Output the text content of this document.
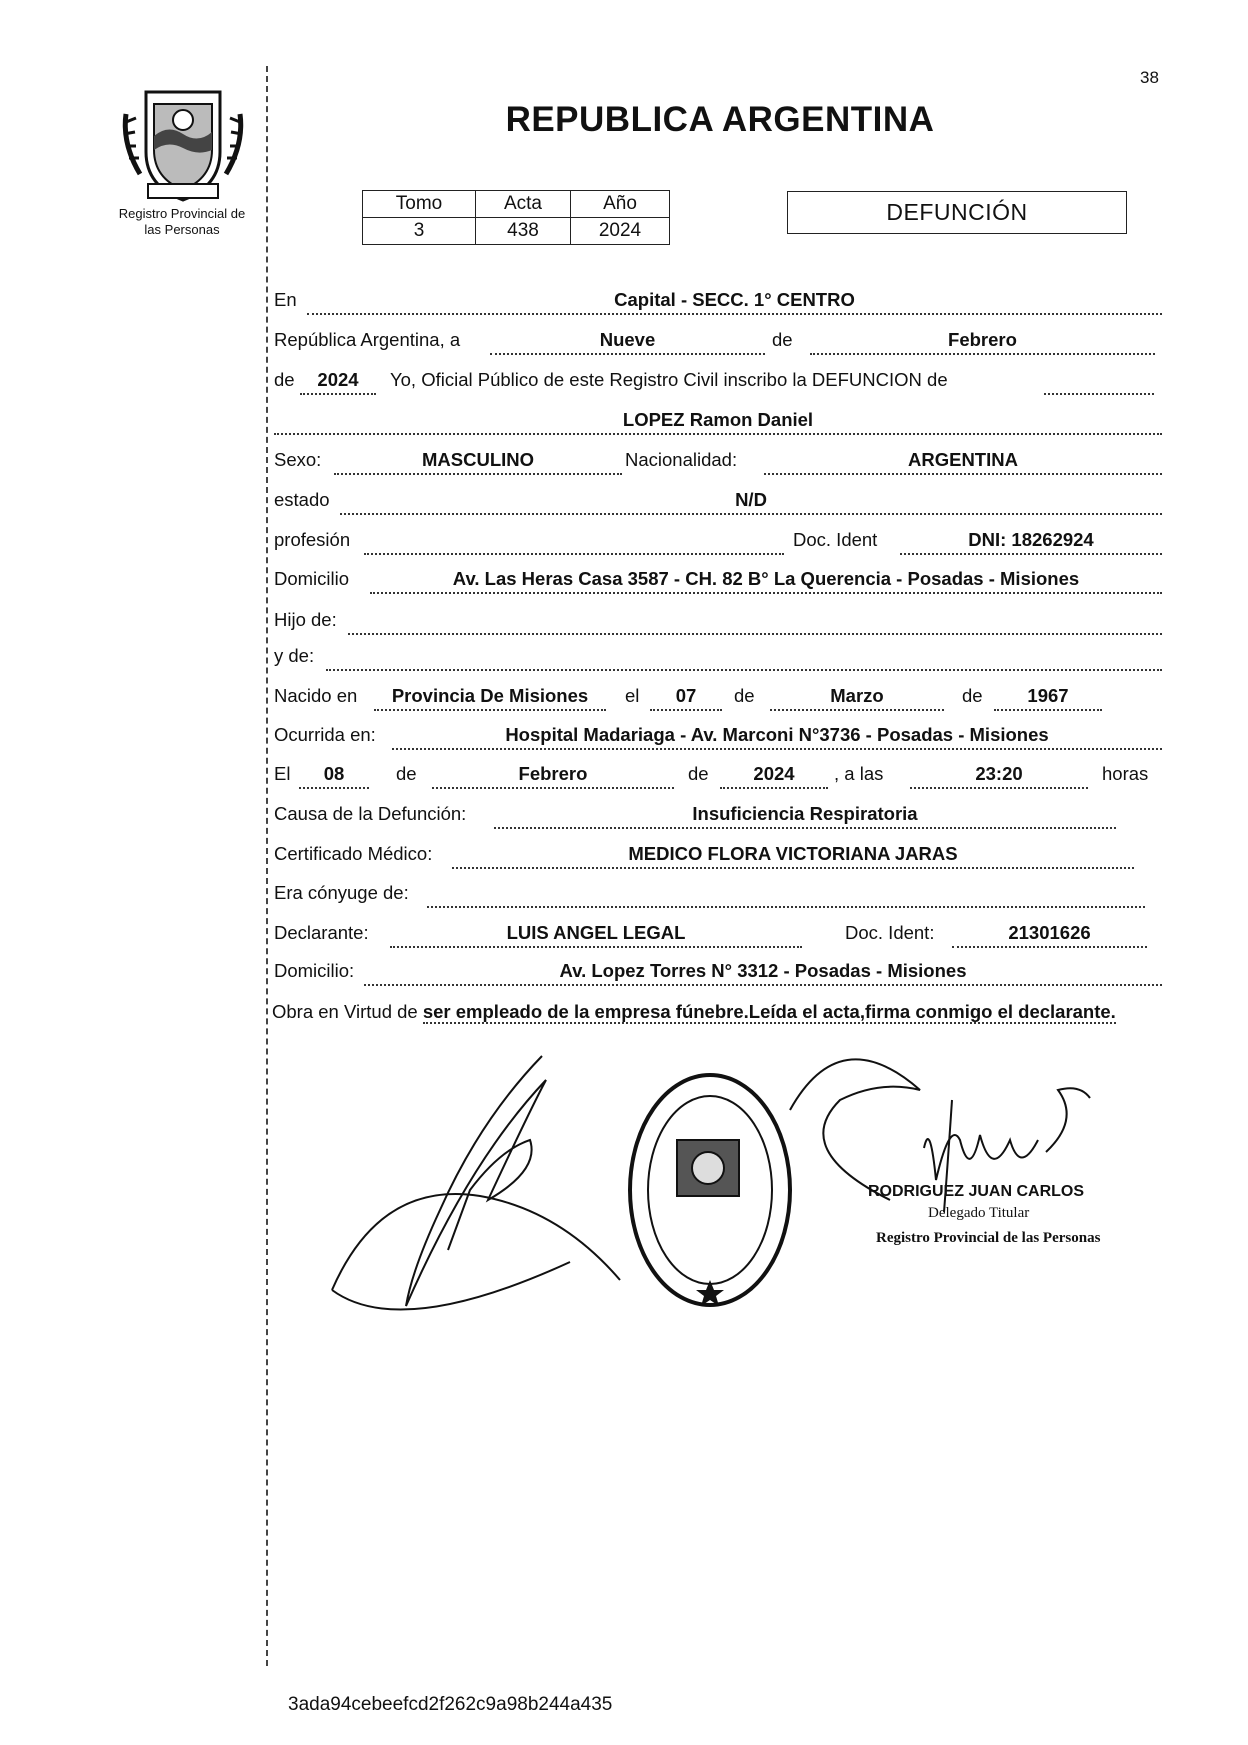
38
Registro Provincial de
las Personas
REPUBLICA ARGENTINA
Tomo	Acta	Año
3	438	2024
DEFUNCIÓN
En	Capital - SECC. 1° CENTRO
República Argentina, a	Nueve	de	Febrero
de	2024	Yo, Oficial Público de este Registro Civil inscribo la DEFUNCION de
LOPEZ Ramon Daniel
Sexo:	MASCULINO	Nacionalidad:	ARGENTINA
estado	N/D
profesión	Doc. Ident	DNI: 18262924
Domicilio	Av. Las Heras Casa 3587 - CH. 82 B° La Querencia - Posadas - Misiones
Hijo de:
y de:
Nacido en	Provincia De Misiones	el	07	de	Marzo	de	1967
Ocurrida en:	Hospital Madariaga - Av. Marconi N°3736 - Posadas - Misiones
El	08	de	Febrero	de	2024	, a las	23:20	horas
Causa de la Defunción:	Insuficiencia Respiratoria
Certificado Médico:	MEDICO FLORA VICTORIANA JARAS
Era cónyuge de:
Declarante:	LUIS ANGEL LEGAL	Doc. Ident:	21301626
Domicilio:	Av. Lopez Torres N° 3312 - Posadas - Misiones
Obra en Virtud de ser empleado de la empresa fúnebre.Leída el acta,firma conmigo el declarante.
RODRIGUEZ JUAN CARLOS
Delegado Titular
Registro Provincial de las Personas
3ada94cebeefcd2f262c9a98b244a435
